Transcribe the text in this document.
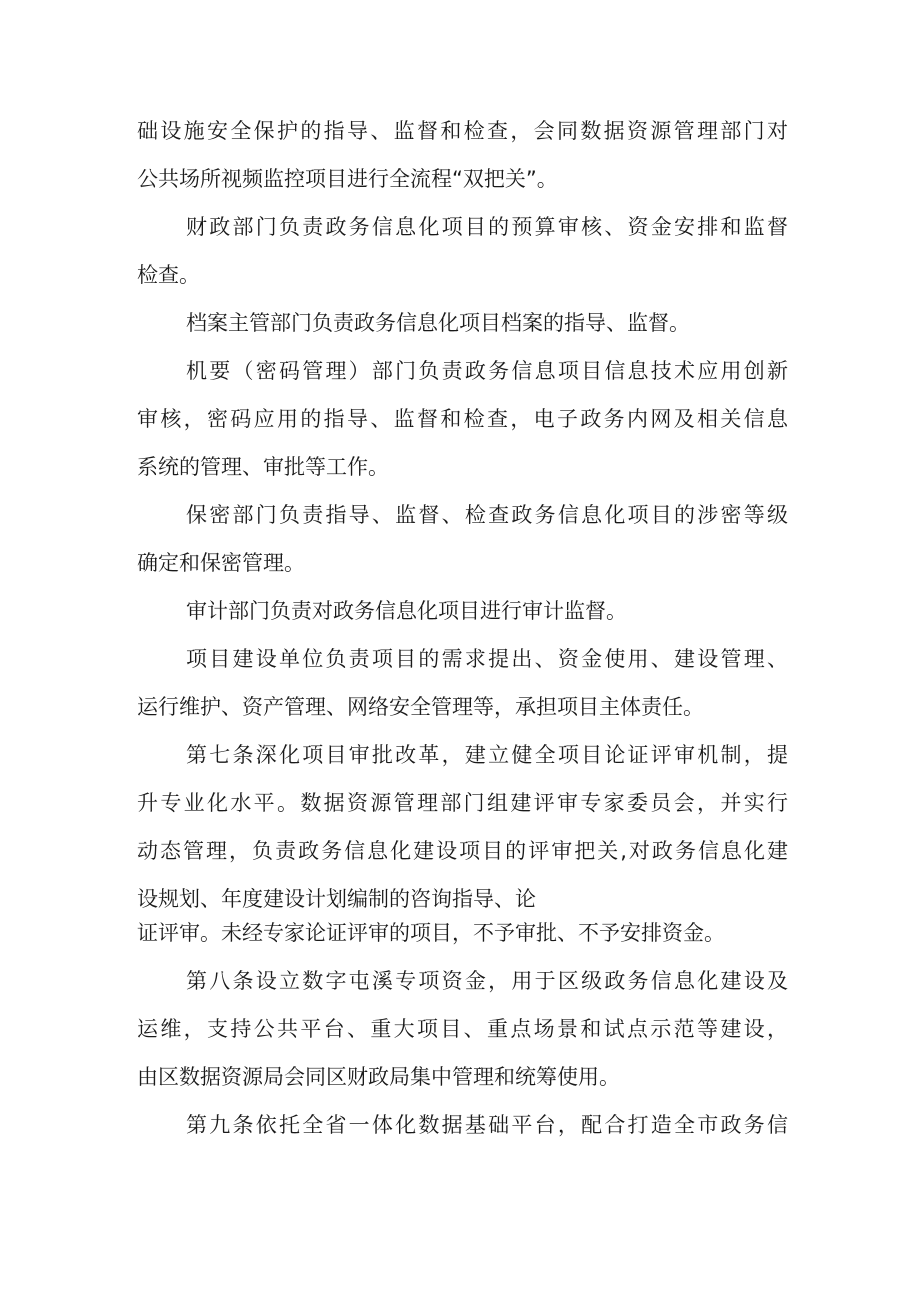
础设施安全保护的指导、监督和检查，会同数据资源管理部门对
公共场所视频监控项目进行全流程“双把关”。
财政部门负责政务信息化项目的预算审核、资金安排和监督
检查。
档案主管部门负责政务信息化项目档案的指导、监督。
机要（密码管理）部门负责政务信息项目信息技术应用创新
审核，密码应用的指导、监督和检查，电子政务内网及相关信息
系统的管理、审批等工作。
保密部门负责指导、监督、检查政务信息化项目的涉密等级
确定和保密管理。
审计部门负责对政务信息化项目进行审计监督。
项目建设单位负责项目的需求提出、资金使用、建设管理、
运行维护、资产管理、网络安全管理等，承担项目主体责任。
第七条深化项目审批改革，建立健全项目论证评审机制，提
升专业化水平。数据资源管理部门组建评审专家委员会，并实行
动态管理，负责政务信息化建设项目的评审把关,对政务信息化建
设规划、年度建设计划编制的咨询指导、论
证评审。未经专家论证评审的项目，不予审批、不予安排资金。
第八条设立数字屯溪专项资金，用于区级政务信息化建设及
运维，支持公共平台、重大项目、重点场景和试点示范等建设，
由区数据资源局会同区财政局集中管理和统筹使用。
第九条依托全省一体化数据基础平台，配合打造全市政务信
